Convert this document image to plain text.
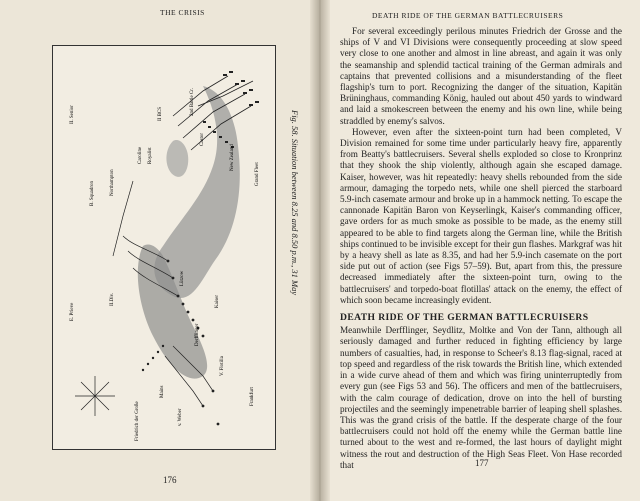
THE CRISIS
II. Senior
B. Squadron	Northampton
Caroline Royalist
II BCS
Castor
Grand Fleet
2nd Battle Cr.
New Zealand
II.Div.
Lützow
Derfflinger
Kaiser
Frankfurt
Mains
V. Flotilla
v. Weber
Friedrich der Große
E. Prieve
Fig. 58. Situation between 8.25 and 8.50 p.m., 31 May
176
DEATH RIDE OF THE GERMAN BATTLECRUISERS

For several exceedingly perilous minutes Friedrich der Grosse and the ships of V and VI Divisions were consequently proceeding at slow speed very close to one another and almost in line abreast, and again it was only the seamanship and splendid tactical training of the German admirals and captains that prevented collisions and a misunderstanding of the fleet flagship's turn to port. Recognizing the danger of the situation, Kapitän Brüninghaus, commanding König, hauled out about 450 yards to windward and laid a smokescreen between the enemy and his own line, while being straddled by enemy's salvos.

However, even after the sixteen-point turn had been completed, V Division remained for some time under particularly heavy fire, apparently from Beatty's battlecruisers. Several shells exploded so close to Kronprinz that they shook the ship violently, although again she escaped damage. Kaiser, however, was hit repeatedly: heavy shells rebounded from the side armour, damaging the torpedo nets, while one shell pierced the starboard 5.9-inch casemate armour and broke up in a hammock netting. To escape the cannonade Kapitän Baron von Keyserlingk, Kaiser's commanding officer, gave orders for as much smoke as possible to be made, as the enemy still appeared to be able to find targets along the German line, while the British ships continued to be invisible except for their gun flashes. Markgraf was hit by a heavy shell as late as 8.35, and had her 5.9-inch casemate on the port side put out of action (see Figs 57–59). But, apart from this, the pressure decreased immediately after the sixteen-point turn, owing to the battlecruisers' and torpedo-boat flotillas' attack on the enemy, the effect of which soon became increasingly evident.

DEATH RIDE OF THE GERMAN BATTLECRUISERS

Meanwhile Derfflinger, Seydlitz, Moltke and Von der Tann, although all seriously damaged and further reduced in fighting efficiency by large numbers of casualties, had, in response to Scheer's 8.13 flag-signal, raced at top speed and regardless of the risk towards the British line, which extended in a wide curve ahead of them and which was firing uninterruptedly from every gun (see Figs 53 and 56). The officers and men of the battlecruisers, with the calm courage of dedication, drove on into the hell of bursting projectiles and the seemingly impenetrable barrier of leaping shell splashes. This was the grand crisis of the battle. If the desperate charge of the four battlecruisers could not hold off the enemy while the German battle line turned about to the west and re-formed, the last hours of daylight might witness the rout and destruction of the High Seas Fleet. Von Hase recorded that	177
